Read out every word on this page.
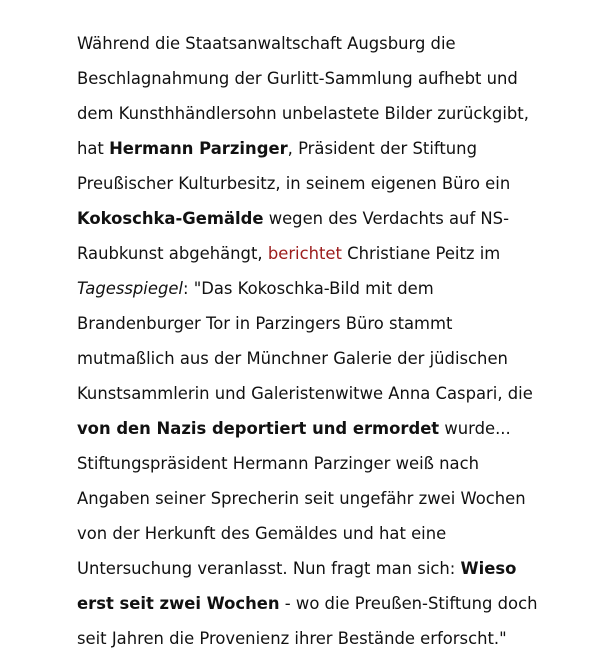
Während die Staatsanwaltschaft Augsburg die
Beschlagnahmung der Gurlitt-Sammlung aufhebt und
dem Kunsthhändlersohn unbelastete Bilder zurückgibt,
hat Hermann Parzinger, Präsident der Stiftung
Preußischer Kulturbesitz, in seinem eigenen Büro ein
Kokoschka-Gemälde wegen des Verdachts auf NS-
Raubkunst abgehängt, berichtet Christiane Peitz im
Tagesspiegel: "Das Kokoschka-Bild mit dem
Brandenburger Tor in Parzingers Büro stammt
mutmaßlich aus der Münchner Galerie der jüdischen
Kunstsammlerin und Galeristenwitwe Anna Caspari, die
von den Nazis deportiert und ermordet wurde...
Stiftungspräsident Hermann Parzinger weiß nach
Angaben seiner Sprecherin seit ungefähr zwei Wochen
von der Herkunft des Gemäldes und hat eine
Untersuchung veranlasst. Nun fragt man sich: Wieso
erst seit zwei Wochen - wo die Preußen-Stiftung doch
seit Jahren die Provenienz ihrer Bestände erforscht."
